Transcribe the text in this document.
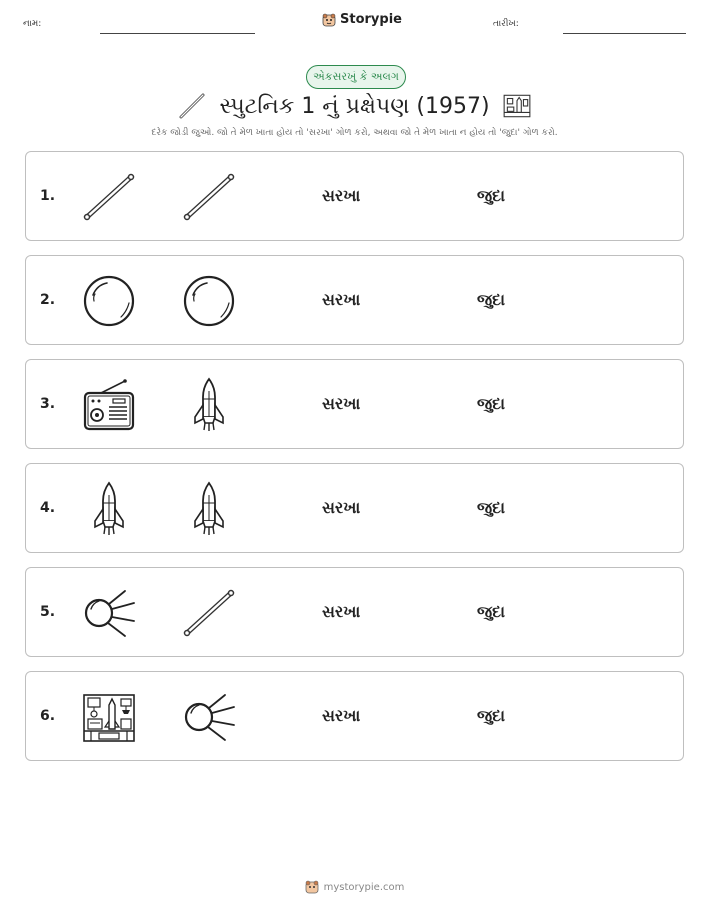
નામ:	Storypie	તારીખ:
એકસરખું કે અલગ
સ્પુટનિક 1 નું પ્રક્ષેપણ (1957)
દરેક જોડી જુઓ. જો તે મેળ ખાતા હોય તો 'સરખા' ગોળ કરો, અથવા જો તે મેળ ખાતા ન હોય તો 'જુદા' ગોળ કરો.
1.	સરખા	જુદા
2.	સરખા	જુદા
3.	સરખા	જુદા
4.	સરખા	જુદા
5.	સરખા	જુદા
6.	સરખા	જુદા
mystorypie.com
